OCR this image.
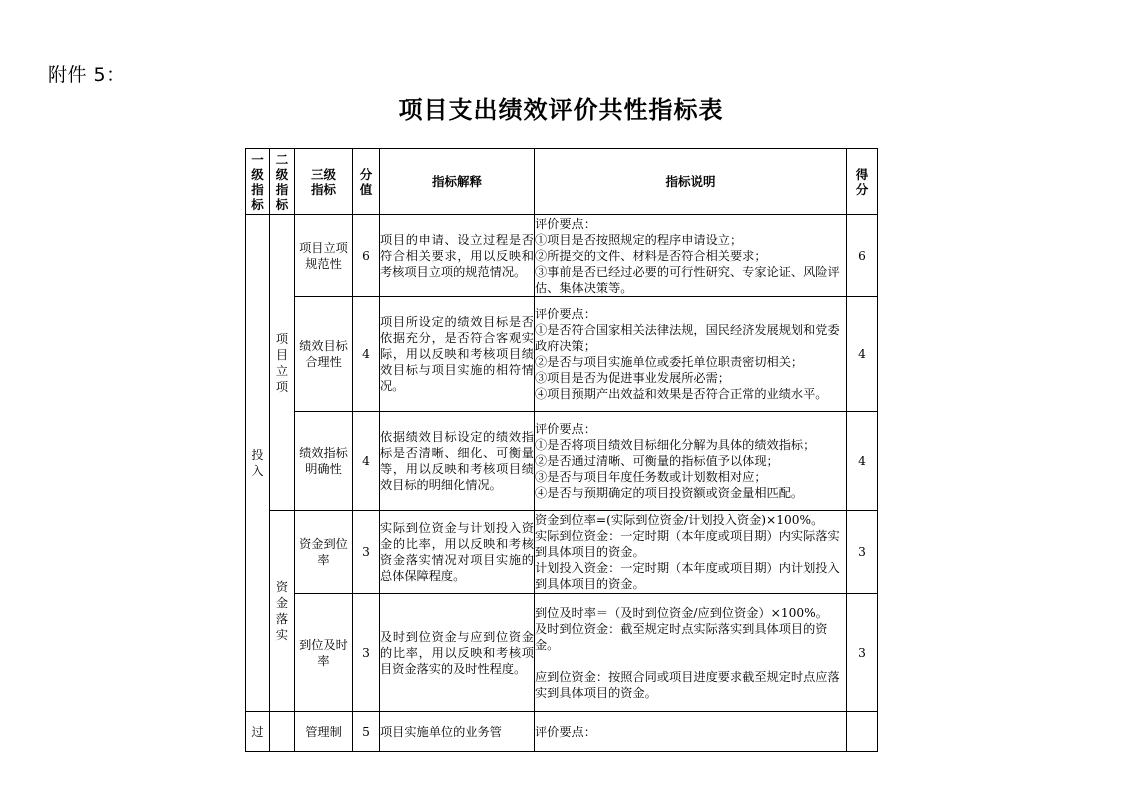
附件 5：
项目支出绩效评价共性指标表
一级指标	二级指标	三级指标	分值	指标解释	指标说明	得分

投入	项目立项	项目立项规范性	6	项目的申请、设立过程是否符合相关要求，用以反映和考核项目立项的规范情况。	评价要点：
①项目是否按照规定的程序申请设立；
②所提交的文件、材料是否符合相关要求；
③事前是否已经过必要的可行性研究、专家论证、风险评估、集体决策等。	6
		绩效目标合理性	4	项目所设定的绩效目标是否依据充分，是否符合客观实际，用以反映和考核项目绩效目标与项目实施的相符情况。	评价要点：
①是否符合国家相关法律法规，国民经济发展规划和党委政府决策；
②是否与项目实施单位或委托单位职责密切相关；
③项目是否为促进事业发展所必需；
④项目预期产出效益和效果是否符合正常的业绩水平。	4
		绩效指标明确性	4	依据绩效目标设定的绩效指标是否清晰、细化、可衡量等，用以反映和考核项目绩效目标的明细化情况。	评价要点：
①是否将项目绩效目标细化分解为具体的绩效指标；
②是否通过清晰、可衡量的指标值予以体现；
③是否与项目年度任务数或计划数相对应；
④是否与预期确定的项目投资额或资金量相匹配。	4

	资金落实	资金到位率	3	实际到位资金与计划投入资金的比率，用以反映和考核资金落实情况对项目实施的总体保障程度。	资金到位率=(实际到位资金/计划投入资金)×100%。
实际到位资金：一定时期（本年度或项目期）内实际落实到具体项目的资金。
计划投入资金：一定时期（本年度或项目期）内计划投入到具体项目的资金。	3
		到位及时率	3	及时到位资金与应到位资金的比率，用以反映和考核项目资金落实的及时性程度。	到位及时率＝（及时到位资金/应到位资金）×100%。
及时到位资金：截至规定时点实际落实到具体项目的资金。
应到位资金：按照合同或项目进度要求截至规定时点应落实到具体项目的资金。	3
过		管理制	5	项目实施单位的业务管	评价要点：	
